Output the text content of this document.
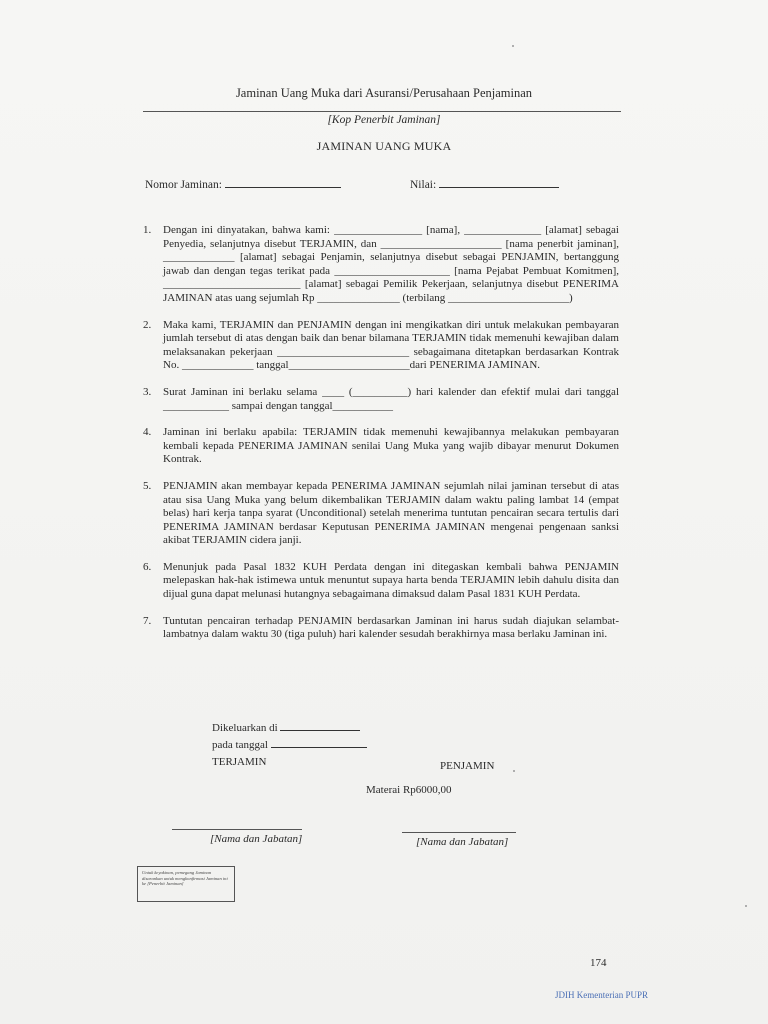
Jaminan Uang Muka dari Asuransi/Perusahaan Penjaminan
[Kop Penerbit Jaminan]
JAMINAN UANG MUKA
Nomor Jaminan:	Nilai:
1.	Dengan ini dinyatakan, bahwa kami: ________________ [nama], ______________ [alamat] sebagai Penyedia, selanjutnya disebut TERJAMIN, dan ______________________ [nama penerbit jaminan], _____________ [alamat] sebagai Penjamin, selanjutnya disebut sebagai PENJAMIN, bertanggung jawab dan dengan tegas terikat pada _____________________ [nama Pejabat Pembuat Komitmen], _________________________ [alamat] sebagai Pemilik Pekerjaan, selanjutnya disebut PENERIMA JAMINAN atas uang sejumlah Rp _______________ (terbilang ______________________)
2.	Maka kami, TERJAMIN dan PENJAMIN dengan ini mengikatkan diri untuk melakukan pembayaran jumlah tersebut di atas dengan baik dan benar bilamana TERJAMIN tidak memenuhi kewajiban dalam melaksanakan pekerjaan ________________________ sebagaimana ditetapkan berdasarkan Kontrak No. _____________ tanggal______________________dari PENERIMA JAMINAN.
3.	Surat Jaminan ini berlaku selama ____ (__________) hari kalender dan efektif mulai dari tanggal ____________ sampai dengan tanggal___________
4.	Jaminan ini berlaku apabila: TERJAMIN tidak memenuhi kewajibannya melakukan pembayaran kembali kepada PENERIMA JAMINAN senilai Uang Muka yang wajib dibayar menurut Dokumen Kontrak.
5.	PENJAMIN akan membayar kepada PENERIMA JAMINAN sejumlah nilai jaminan tersebut di atas atau sisa Uang Muka yang belum dikembalikan TERJAMIN dalam waktu paling lambat 14 (empat belas) hari kerja tanpa syarat (Unconditional) setelah menerima tuntutan pencairan secara tertulis dari PENERIMA JAMINAN berdasar Keputusan PENERIMA JAMINAN mengenai pengenaan sanksi akibat TERJAMIN cidera janji.
6.	Menunjuk pada Pasal 1832 KUH Perdata dengan ini ditegaskan kembali bahwa PENJAMIN melepaskan hak-hak istimewa untuk menuntut supaya harta benda TERJAMIN lebih dahulu disita dan dijual guna dapat melunasi hutangnya sebagaimana dimaksud dalam Pasal 1831 KUH Perdata.
7.	Tuntutan pencairan terhadap PENJAMIN berdasarkan Jaminan ini harus sudah diajukan selambat-lambatnya dalam waktu 30 (tiga puluh) hari kalender sesudah berakhirnya masa berlaku Jaminan ini.
Dikeluarkan di
pada tanggal
TERJAMIN	PENJAMIN
Materai Rp6000,00
[Nama dan Jabatan]	[Nama dan Jabatan]
Untuk keyakinan, pemegang Jaminan disarankan untuk mengkonfirmasi Jaminan ini ke [Penerbit Jaminan]
174
JDIH Kementerian PUPR
